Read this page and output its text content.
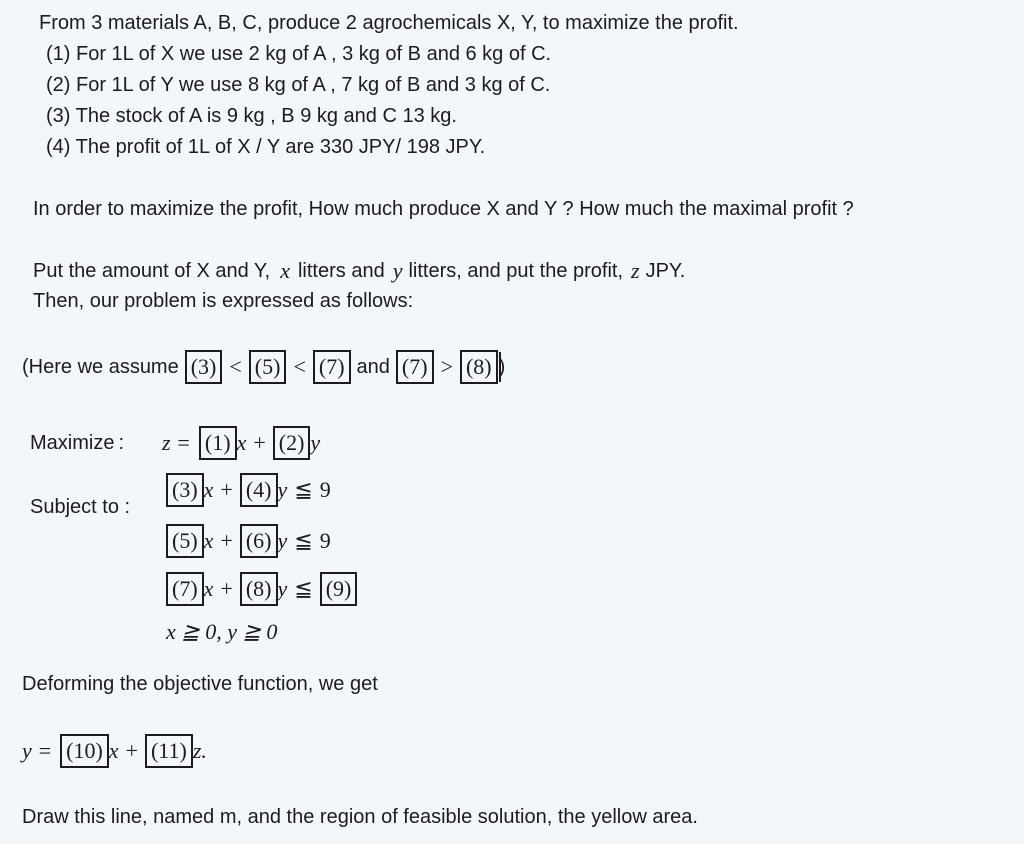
From 3 materials A, B, C, produce 2 agrochemicals X, Y, to maximize the profit.
(1) For 1L of X we use 2 kg of A , 3 kg of B and 6 kg of C.
(2) For 1L of Y we use 8 kg of A , 7 kg of B and 3 kg of C.
(3) The stock of A is 9 kg , B 9 kg and C 13 kg.
(4) The profit of 1L of X / Y are 330 JPY/ 198 JPY.
In order to maximize the profit, How much produce X and Y ? How much the maximal profit ?
Put the amount of X and Y, x litters and y litters, and put the profit, z JPY.
Then, our problem is expressed as follows:
(Here we assume (3) < (5) < (7) and (7) > (8) )
Maximize : z = (1) x + (2) y
Subject to :
(3) x + (4) y ≦ 9
(5) x + (6) y ≦ 9
(7) x + (8) y ≦ (9)
x ≧ 0, y ≧ 0
Deforming the objective function, we get
y = (10) x + (11) z.
Draw this line, named m, and the region of feasible solution, the yellow area.
